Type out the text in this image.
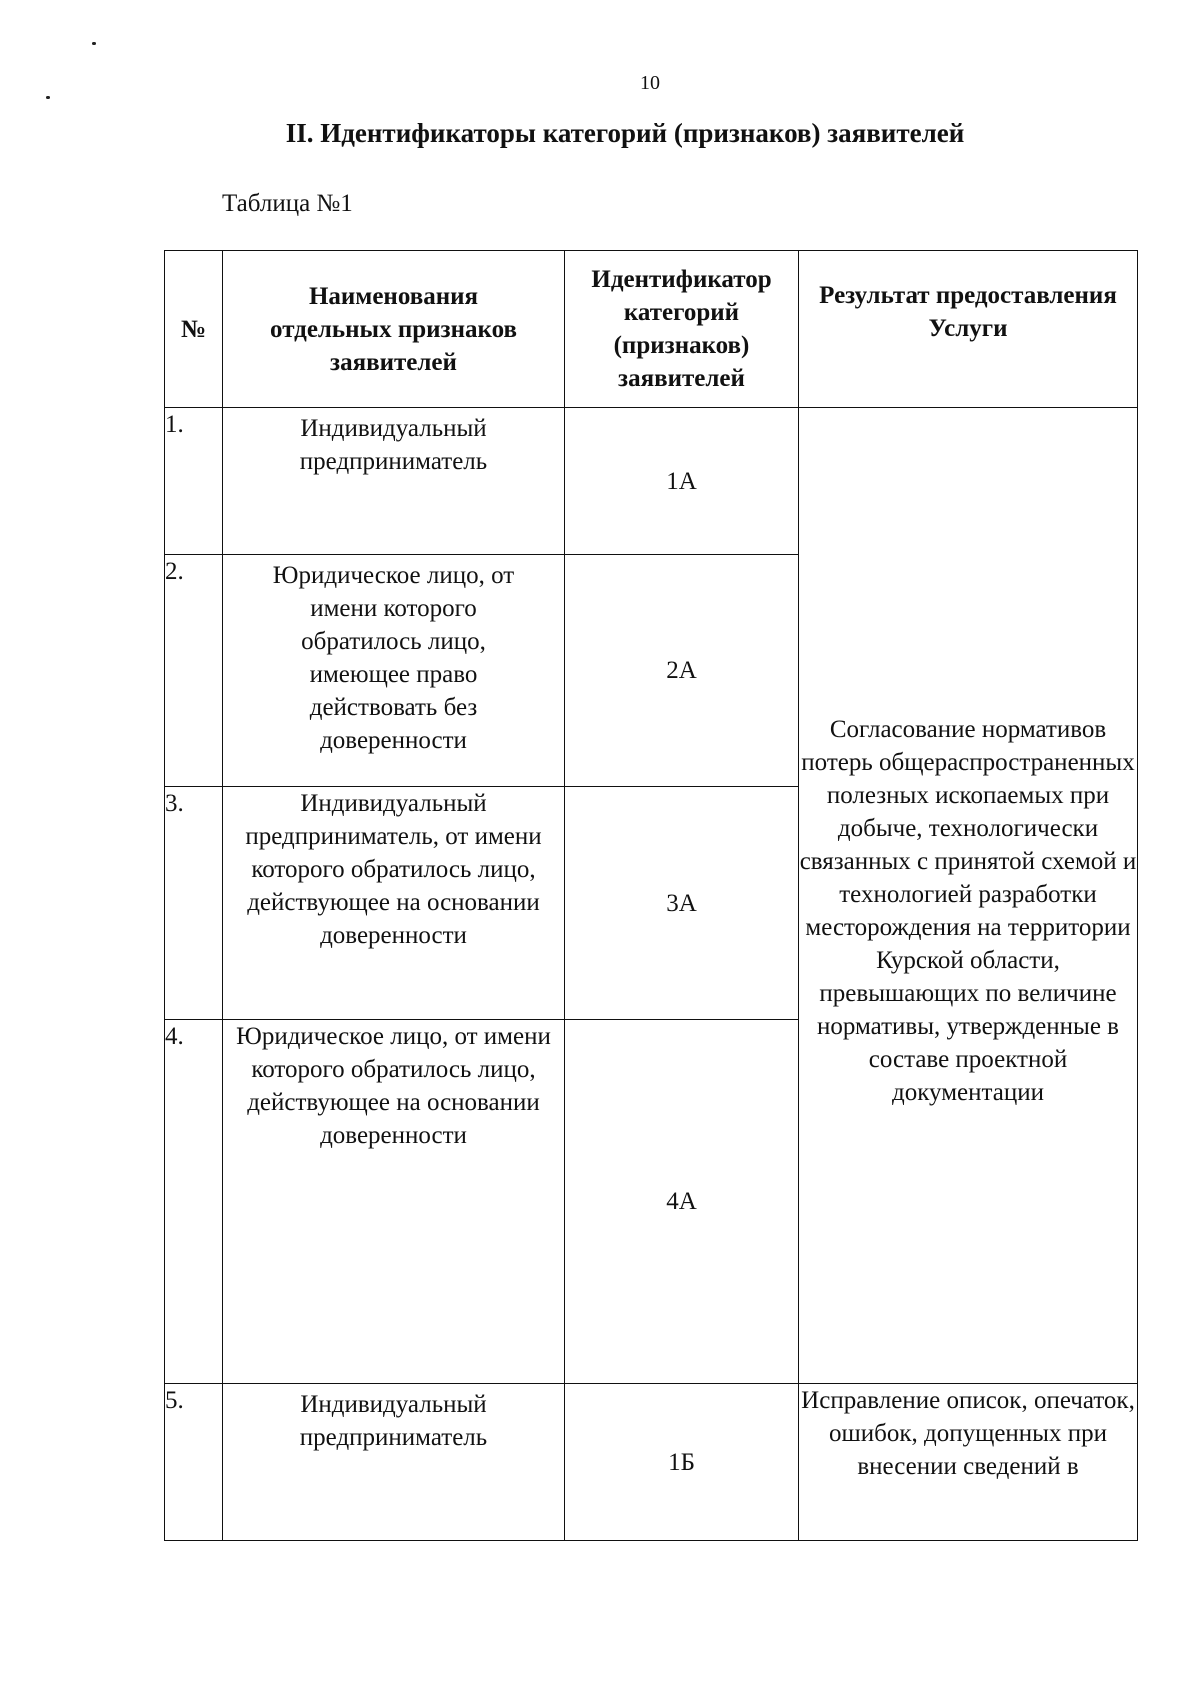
10
II. Идентификаторы категорий (признаков) заявителей
Таблица №1
№	Наименования отдельных признаков заявителей	Идентификатор категорий (признаков) заявителей	Результат предоставления Услуги
1.	Индивидуальный предприниматель	1А	Согласование нормативов потерь общераспространенных полезных ископаемых при добыче, технологически связанных с принятой схемой и технологией разработки месторождения на территории Курской области, превышающих по величине нормативы, утвержденные в составе проектной документации
2.	Юридическое лицо, от имени которого обратилось лицо, имеющее право действовать без доверенности	2А	
3.	Индивидуальный предприниматель, от имени которого обратилось лицо, действующее на основании доверенности	3А	
4.	Юридическое лицо, от имени которого обратилось лицо, действующее на основании доверенности	4А	
5.	Индивидуальный предприниматель	1Б	Исправление описок, опечаток, ошибок, допущенных при внесении сведений в
